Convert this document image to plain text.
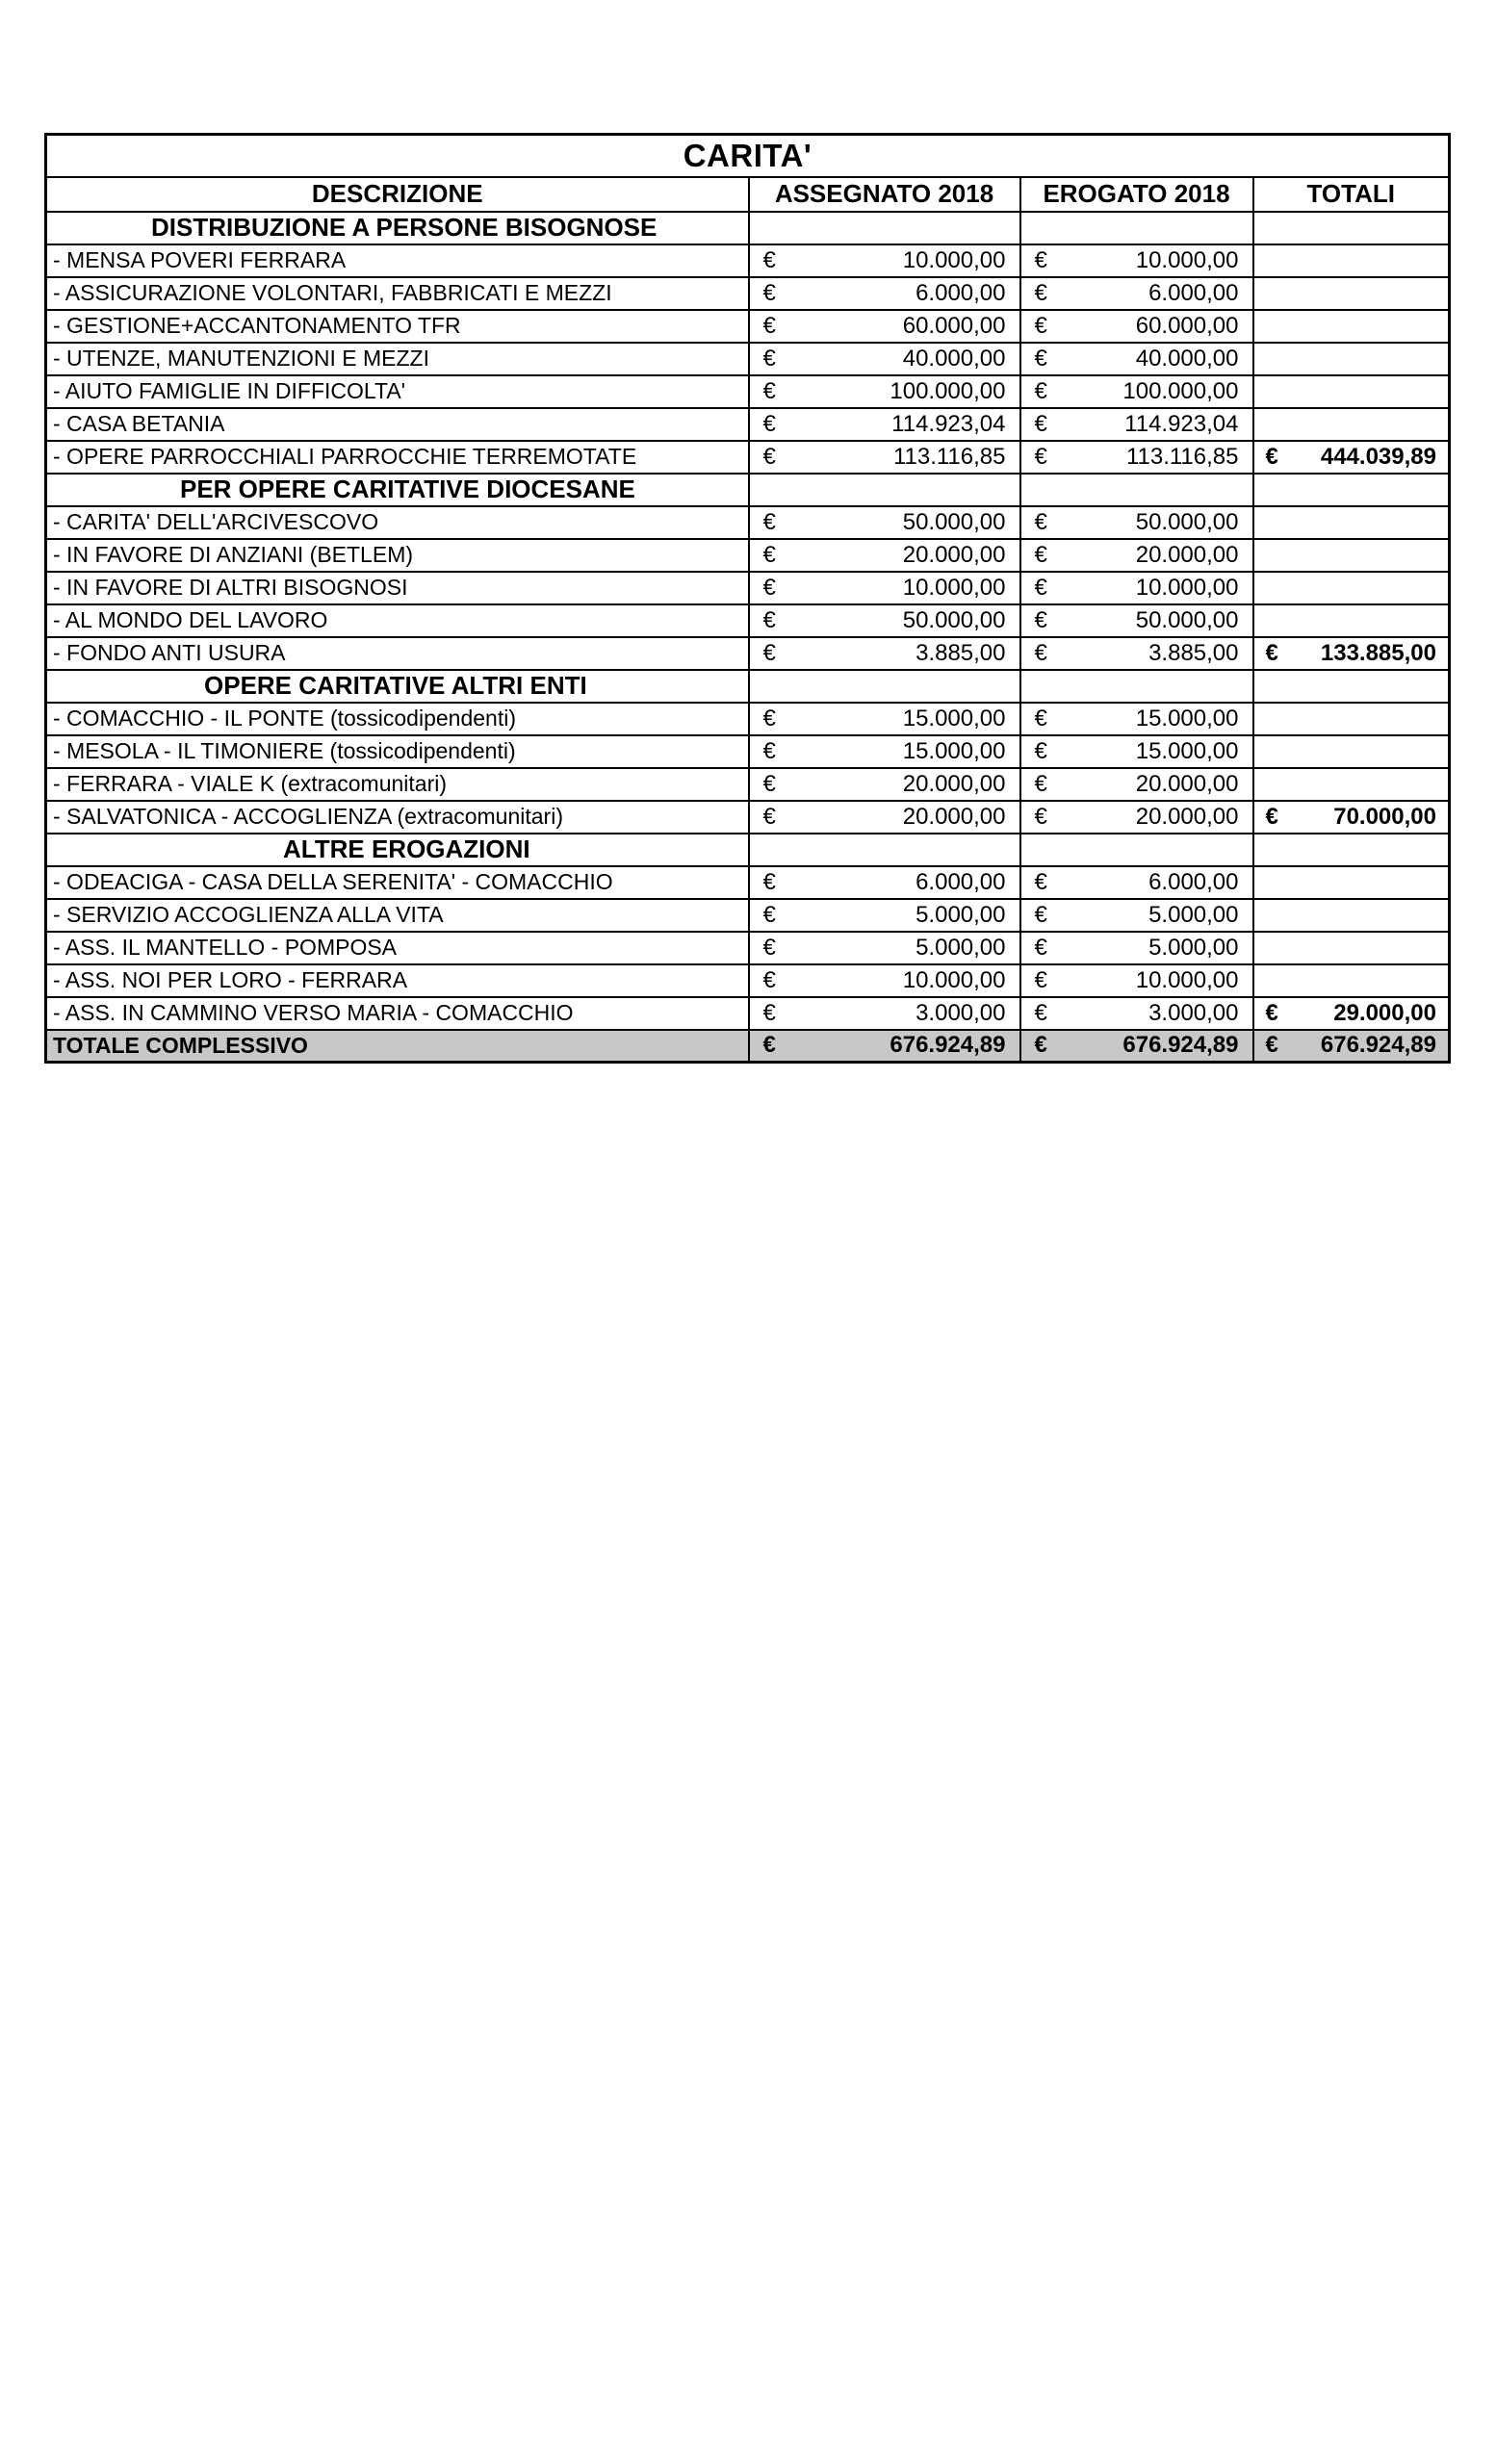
CARITA'			
DESCRIZIONE	ASSEGNATO 2018	EROGATO 2018	TOTALI
DISTRIBUZIONE A PERSONE BISOGNOSE			
- MENSA POVERI FERRARA	€ 10.000,00	€ 10.000,00	

- ASSICURAZIONE VOLONTARI, FABBRICATI E MEZZI	€ 6.000,00	€ 6.000,00	

- GESTIONE+ACCANTONAMENTO TFR	€ 60.000,00	€ 60.000,00	

- UTENZE, MANUTENZIONI E MEZZI	€ 40.000,00	€ 40.000,00	

- AIUTO FAMIGLIE IN DIFFICOLTA'	€ 100.000,00	€ 100.000,00	

- CASA BETANIA	€ 114.923,04	€ 114.923,04	

- OPERE PARROCCHIALI PARROCCHIE TERREMOTATE	€ 113.116,85	€ 113.116,85	€ 444.039,89

PER OPERE CARITATIVE DIOCESANE			
- CARITA' DELL'ARCIVESCOVO	€ 50.000,00	€ 50.000,00	

- IN FAVORE DI ANZIANI (BETLEM)	€ 20.000,00	€ 20.000,00	

- IN FAVORE DI ALTRI BISOGNOSI	€ 10.000,00	€ 10.000,00	

- AL MONDO DEL LAVORO	€ 50.000,00	€ 50.000,00	

- FONDO ANTI USURA	€ 3.885,00	€ 3.885,00	€ 133.885,00

OPERE CARITATIVE ALTRI ENTI			
- COMACCHIO - IL PONTE (tossicodipendenti)	€ 15.000,00	€ 15.000,00	

- MESOLA - IL TIMONIERE (tossicodipendenti)	€ 15.000,00	€ 15.000,00	

- FERRARA - VIALE K (extracomunitari)	€ 20.000,00	€ 20.000,00	

- SALVATONICA - ACCOGLIENZA (extracomunitari)	€ 20.000,00	€ 20.000,00	€ 70.000,00

ALTRE EROGAZIONI			
- ODEACIGA - CASA DELLA SERENITA' - COMACCHIO	€ 6.000,00	€ 6.000,00	

- SERVIZIO ACCOGLIENZA ALLA VITA	€ 5.000,00	€ 5.000,00	

- ASS. IL MANTELLO - POMPOSA	€ 5.000,00	€ 5.000,00	

- ASS. NOI PER LORO - FERRARA	€ 10.000,00	€ 10.000,00	

- ASS. IN CAMMINO VERSO MARIA - COMACCHIO	€ 3.000,00	€ 3.000,00	€ 29.000,00

TOTALE COMPLESSIVO	€ 676.924,89	€ 676.924,89	€ 676.924,89
